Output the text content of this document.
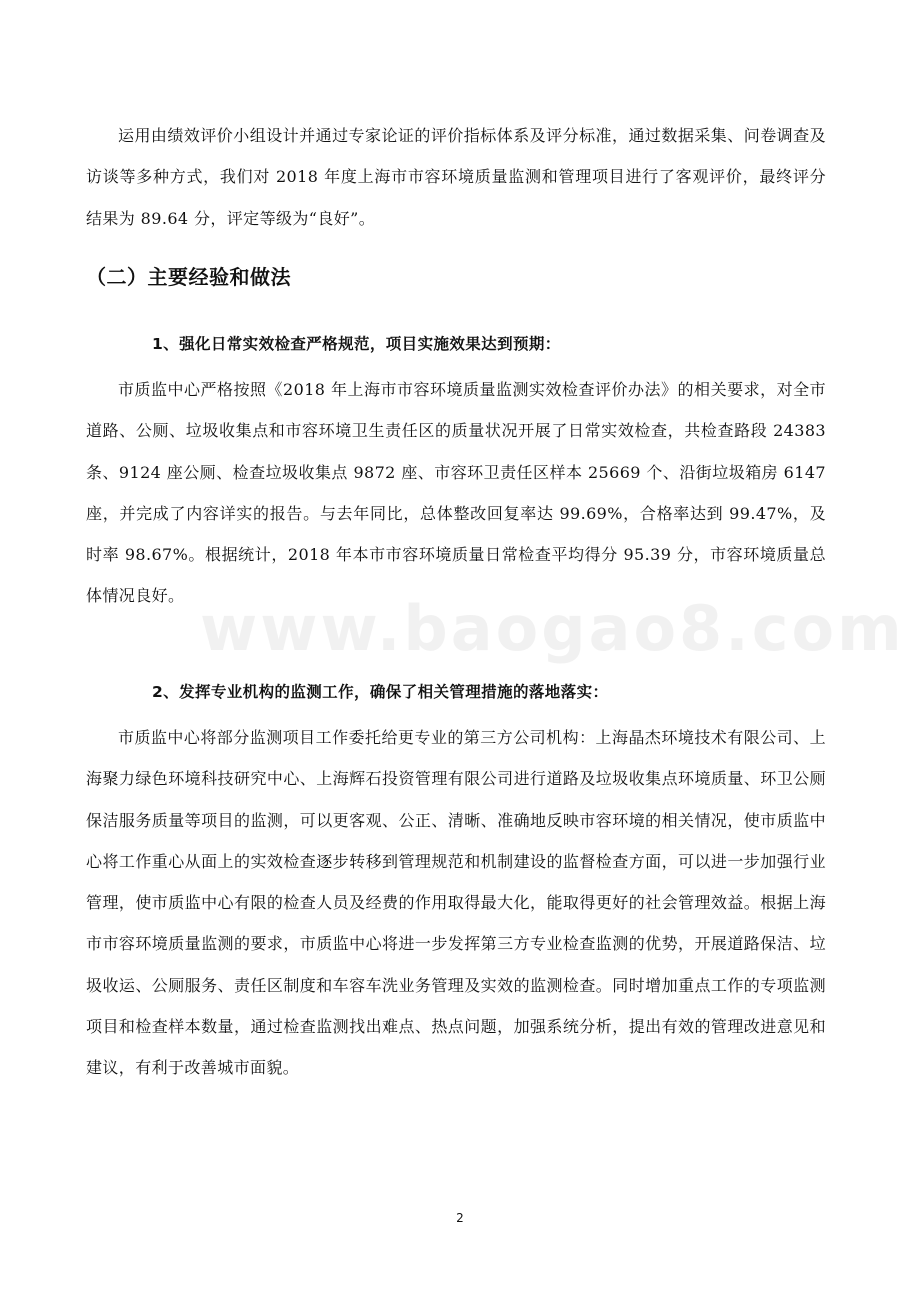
运用由绩效评价小组设计并通过专家论证的评价指标体系及评分标准，通过数据采集、问卷调查及访谈等多种方式，我们对 2018 年度上海市市容环境质量监测和管理项目进行了客观评价，最终评分结果为 89.64 分，评定等级为“良好”。

（二）主要经验和做法
1、强化日常实效检查严格规范，项目实施效果达到预期：

市质监中心严格按照《2018 年上海市市容环境质量监测实效检查评价办法》的相关要求，对全市道路、公厕、垃圾收集点和市容环境卫生责任区的质量状况开展了日常实效检查，共检查路段 24383 条、9124 座公厕、检查垃圾收集点 9872 座、市容环卫责任区样本 25669 个、沿街垃圾箱房 6147 座，并完成了内容详实的报告。与去年同比，总体整改回复率达 99.69%，合格率达到 99.47%，及时率 98.67%。根据统计，2018 年本市市容环境质量日常检查平均得分 95.39 分，市容环境质量总体情况良好。 www.baogao8.com
2、发挥专业机构的监测工作，确保了相关管理措施的落地落实：

市质监中心将部分监测项目工作委托给更专业的第三方公司机构：上海晶杰环境技术有限公司、上海聚力绿色环境科技研究中心、上海辉石投资管理有限公司进行道路及垃圾收集点环境质量、环卫公厕保洁服务质量等项目的监测，可以更客观、公正、清晰、准确地反映市容环境的相关情况，使市质监中心将工作重心从面上的实效检查逐步转移到管理规范和机制建设的监督检查方面，可以进一步加强行业管理，使市质监中心有限的检查人员及经费的作用取得最大化，能取得更好的社会管理效益。根据上海市市容环境质量监测的要求，市质监中心将进一步发挥第三方专业检查监测的优势，开展道路保洁、垃圾收运、公厕服务、责任区制度和车容车洗业务管理及实效的监测检查。同时增加重点工作的专项监测项目和检查样本数量，通过检查监测找出难点、热点问题，加强系统分析，提出有效的管理改进意见和建议，有利于改善城市面貌。

2
